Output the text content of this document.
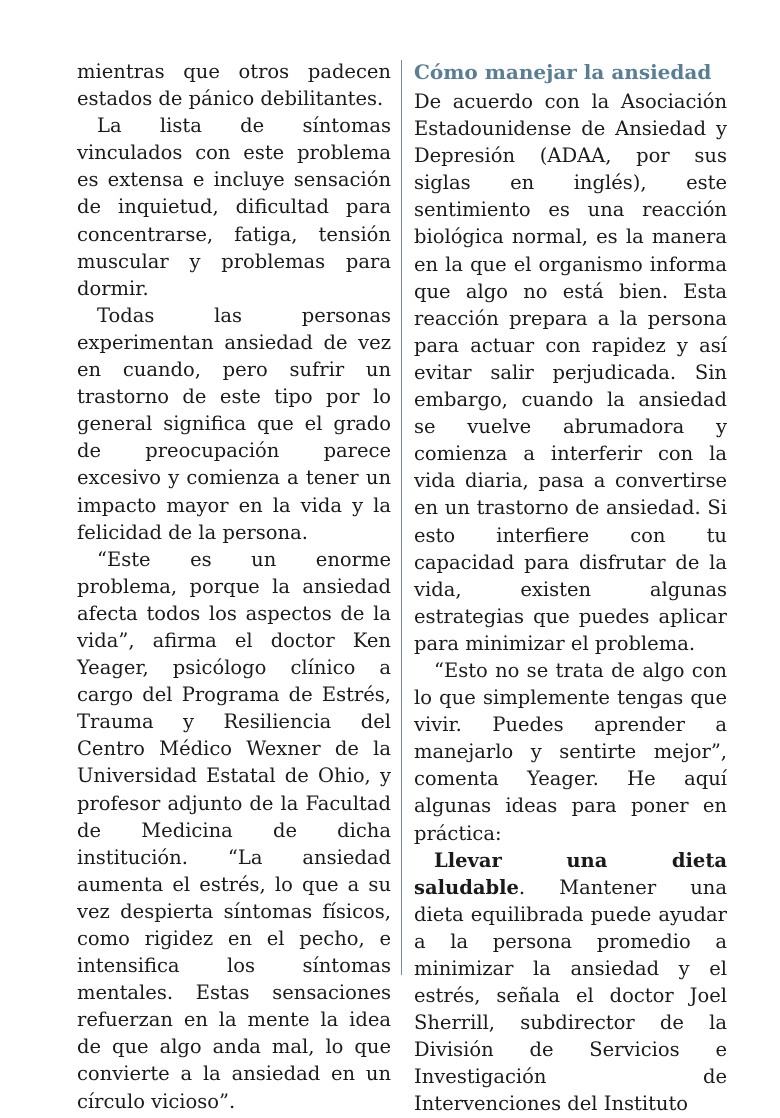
mientras que otros padecen estados de pánico debilitantes.

La lista de síntomas vinculados con este problema es extensa e incluye sensación de inquietud, dificultad para concentrarse, fatiga, tensión muscular y problemas para dormir.

Todas las personas experimentan ansiedad de vez en cuando, pero sufrir un trastorno de este tipo por lo general significa que el grado de preocupación parece excesivo y comienza a tener un impacto mayor en la vida y la felicidad de la persona.

“Este es un enorme problema, porque la ansiedad afecta todos los aspectos de la vida”, afirma el doctor Ken Yeager, psicólogo clínico a cargo del Programa de Estrés, Trauma y Resiliencia del Centro Médico Wexner de la Universidad Estatal de Ohio, y profesor adjunto de la Facultad de Medicina de dicha institución. “La ansiedad aumenta el estrés, lo que a su vez despierta síntomas físicos, como rigidez en el pecho, e intensifica los síntomas mentales. Estas sensaciones refuerzan en la mente la idea de que algo anda mal, lo que convierte a la ansiedad en un círculo vicioso”.

Cómo manejar la ansiedad

De acuerdo con la Asociación Estadounidense de Ansiedad y Depresión (ADAA, por sus siglas en inglés), este sentimiento es una reacción biológica normal, es la manera en la que el organismo informa que algo no está bien. Esta reacción prepara a la persona para actuar con rapidez y así evitar salir perjudicada. Sin embargo, cuando la ansiedad se vuelve abrumadora y comienza a interferir con la vida diaria, pasa a convertirse en un trastorno de ansiedad. Si esto interfiere con tu capacidad para disfrutar de la vida, existen algunas estrategias que puedes aplicar para minimizar el problema.

“Esto no se trata de algo con lo que simplemente tengas que vivir. Puedes aprender a manejarlo y sentirte mejor”, comenta Yeager. He aquí algunas ideas para poner en práctica:

Llevar una dieta saludable. Mantener una dieta equilibrada puede ayudar a la persona promedio a minimizar la ansiedad y el estrés, señala el doctor Joel Sherrill, subdirector de la División de Servicios e Investigación de Intervenciones del Instituto
